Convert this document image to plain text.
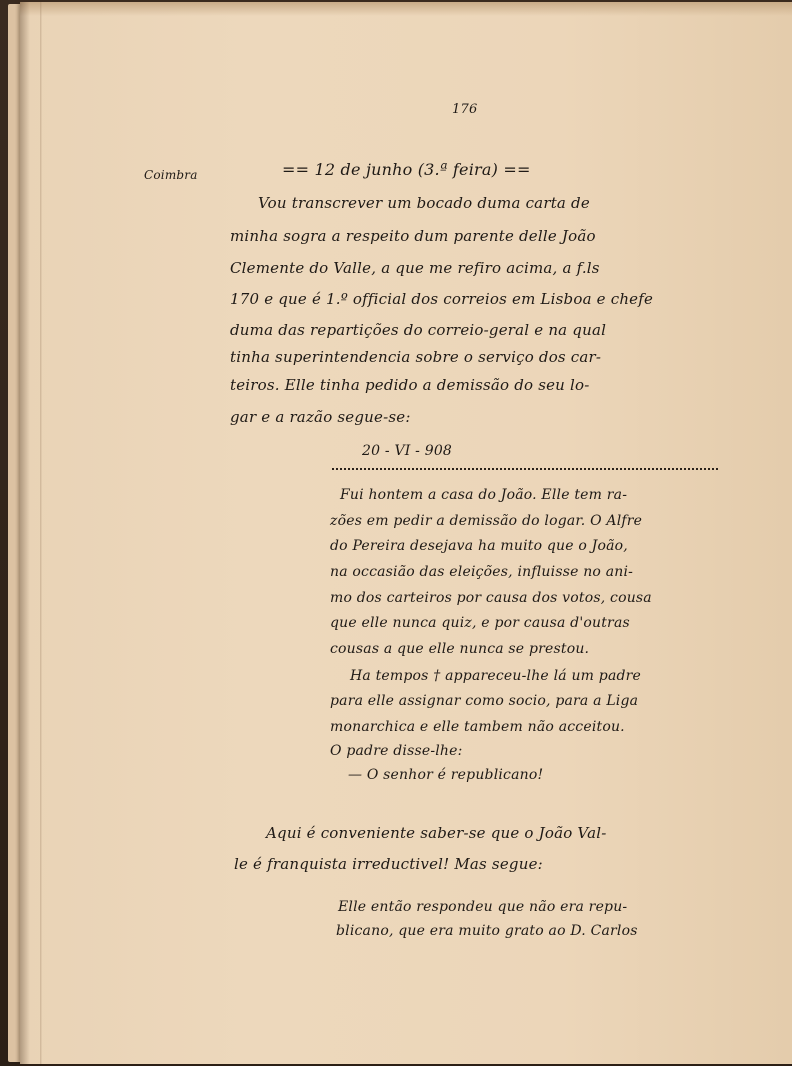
176
Coimbra	== 12 de junho (3.ª feira) ==
Vou transcrever um bocado duma carta de
minha sogra a respeito dum parente delle João
Clemente do Valle, a que me refiro acima, a f.ls
170 e que é 1.º official dos correios em Lisboa e chefe
duma das repartições do correio-geral e na qual
tinha superintendencia sobre o serviço dos car-
teiros. Elle tinha pedido a demissão do seu lo-
gar e a razão segue-se:
20 - VI - 908
Fui hontem a casa do João. Elle tem ra-
zões em pedir a demissão do logar. O Alfre
do Pereira desejava ha muito que o João,
na occasião das eleições, influisse no ani-
mo dos carteiros por causa dos votos, cousa
que elle nunca quiz, e por causa d'outras
cousas a que elle nunca se prestou.
Ha tempos † appareceu-lhe lá um padre
para elle assignar como socio, para a Liga
monarchica e elle tambem não acceitou.
O padre disse-lhe:
— O senhor é republicano!
Aqui é conveniente saber-se que o João Val-
le é franquista irreductivel! Mas segue:
Elle então respondeu que não era repu-
blicano, que era muito grato ao D. Carlos
